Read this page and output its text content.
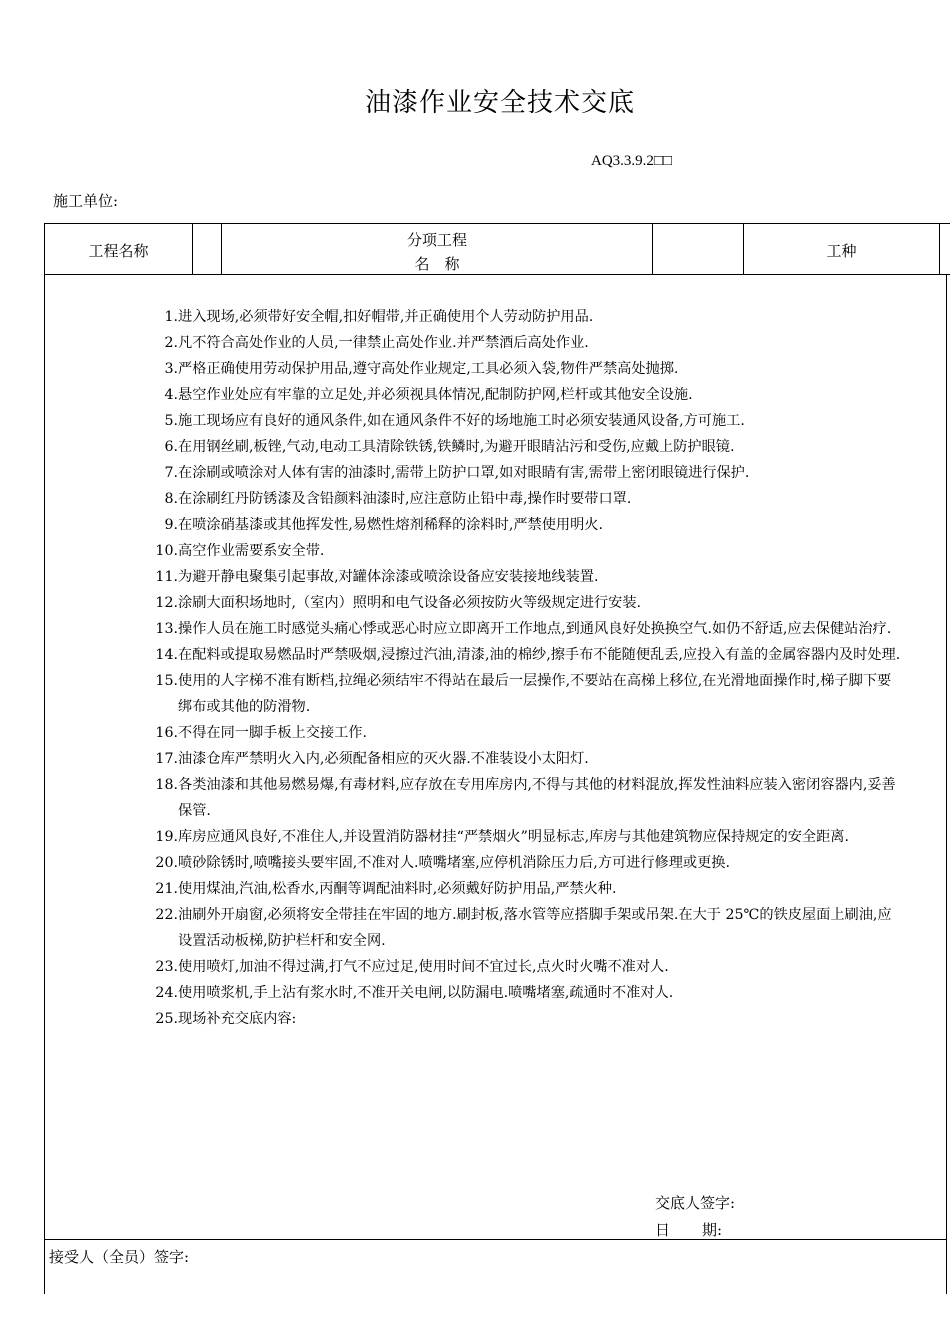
油漆作业安全技术交底
AQ3.3.9.2□□
施工单位:
工程名称
分项工程
名　称
工种
1. 进入现场,必须带好安全帽,扣好帽带,并正确使用个人劳动防护用品.
2. 凡不符合高处作业的人员,一律禁止高处作业.并严禁酒后高处作业.
3. 严格正确使用劳动保护用品,遵守高处作业规定,工具必须入袋,物件严禁高处抛掷.
4. 悬空作业处应有牢靠的立足处,并必须视具体情况,配制防护网,栏杆或其他安全设施.
5. 施工现场应有良好的通风条件,如在通风条件不好的场地施工时必须安装通风设备,方可施工.
6. 在用钢丝刷,板锉,气动,电动工具清除铁锈,铁鳞时,为避开眼睛沾污和受伤,应戴上防护眼镜.
7. 在涂刷或喷涂对人体有害的油漆时,需带上防护口罩,如对眼睛有害,需带上密闭眼镜进行保护.
8. 在涂刷红丹防锈漆及含铅颜料油漆时,应注意防止铅中毒,操作时要带口罩.
9. 在喷涂硝基漆或其他挥发性,易燃性熔剂稀释的涂料时,严禁使用明火.
10. 高空作业需要系安全带.
11. 为避开静电聚集引起事故,对罐体涂漆或喷涂设备应安装接地线装置.
12. 涂刷大面积场地时,（室内）照明和电气设备必须按防火等级规定进行安装.
13. 操作人员在施工时感觉头痛心悸或恶心时应立即离开工作地点,到通风良好处换换空气.如仍不舒适,应去保健站治疗.
14. 在配料或提取易燃品时严禁吸烟,浸擦过汽油,清漆,油的棉纱,擦手布不能随便乱丢,应投入有盖的金属容器内及时处理.
15. 使用的人字梯不准有断档,拉绳必须结牢不得站在最后一层操作,不要站在高梯上移位,在光滑地面操作时,梯子脚下要绑布或其他的防滑物.
16. 不得在同一脚手板上交接工作.
17. 油漆仓库严禁明火入内,必须配备相应的灭火器.不准装设小太阳灯.
18. 各类油漆和其他易燃易爆,有毒材料,应存放在专用库房内,不得与其他的材料混放,挥发性油料应装入密闭容器内,妥善保管.
19. 库房应通风良好,不准住人,并设置消防器材挂“严禁烟火”明显标志,库房与其他建筑物应保持规定的安全距离.
20. 喷砂除锈时,喷嘴接头要牢固,不准对人.喷嘴堵塞,应停机消除压力后,方可进行修理或更换.
21. 使用煤油,汽油,松香水,丙酮等调配油料时,必须戴好防护用品,严禁火种.
22. 油刷外开扇窗,必须将安全带挂在牢固的地方.刷封板,落水管等应搭脚手架或吊架.在大于 25℃的铁皮屋面上刷油,应设置活动板梯,防护栏杆和安全网.
23. 使用喷灯,加油不得过满,打气不应过足,使用时间不宜过长,点火时火嘴不准对人.
24. 使用喷浆机,手上沾有浆水时,不准开关电闸,以防漏电.喷嘴堵塞,疏通时不准对人.
25. 现场补充交底内容:
交底人签字:
日 期:
接受人（全员）签字:
